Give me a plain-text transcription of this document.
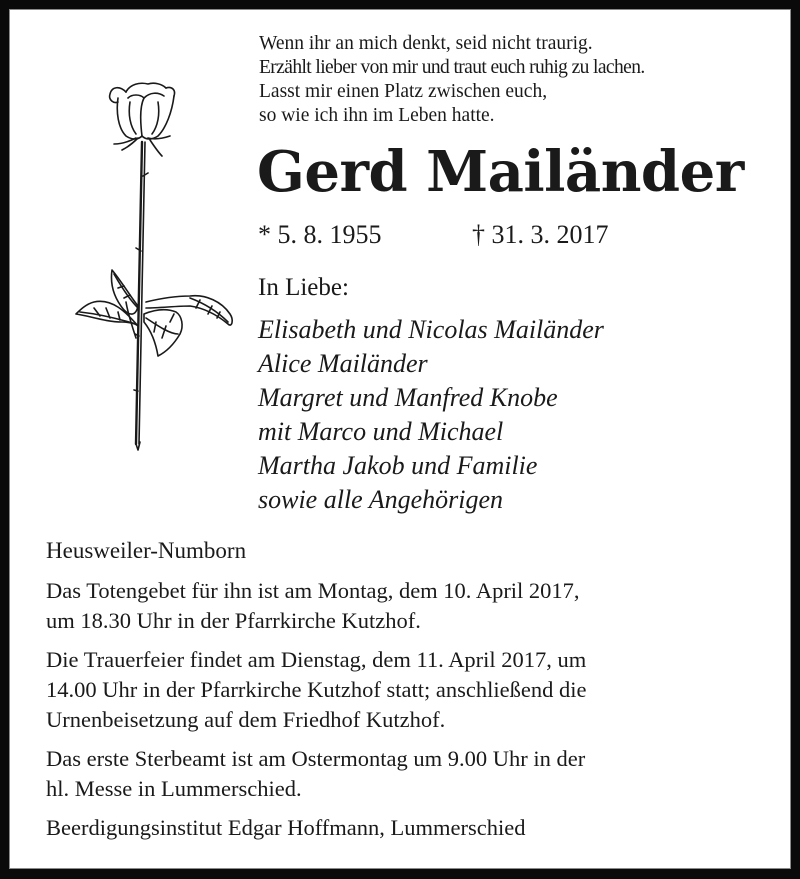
Wenn ihr an mich denkt, seid nicht traurig.
Erzählt lieber von mir und traut euch ruhig zu lachen.
Lasst mir einen Platz zwischen euch,
so wie ich ihn im Leben hatte.
Gerd Mailänder
* 5. 8. 1955	† 31. 3. 2017
In Liebe:
Elisabeth und Nicolas Mailänder
Alice Mailänder
Margret und Manfred Knobe
mit Marco und Michael
Martha Jakob und Familie
sowie alle Angehörigen
Heusweiler-Numborn

Das Totengebet für ihn ist am Montag, dem 10. April 2017,
um 18.30 Uhr in der Pfarrkirche Kutzhof.

Die Trauerfeier findet am Dienstag, dem 11. April 2017, um
14.00 Uhr in der Pfarrkirche Kutzhof statt; anschließend die
Urnenbeisetzung auf dem Friedhof Kutzhof.

Das erste Sterbeamt ist am Ostermontag um 9.00 Uhr in der
hl. Messe in Lummerschied.

Beerdigungsinstitut Edgar Hoffmann, Lummerschied
